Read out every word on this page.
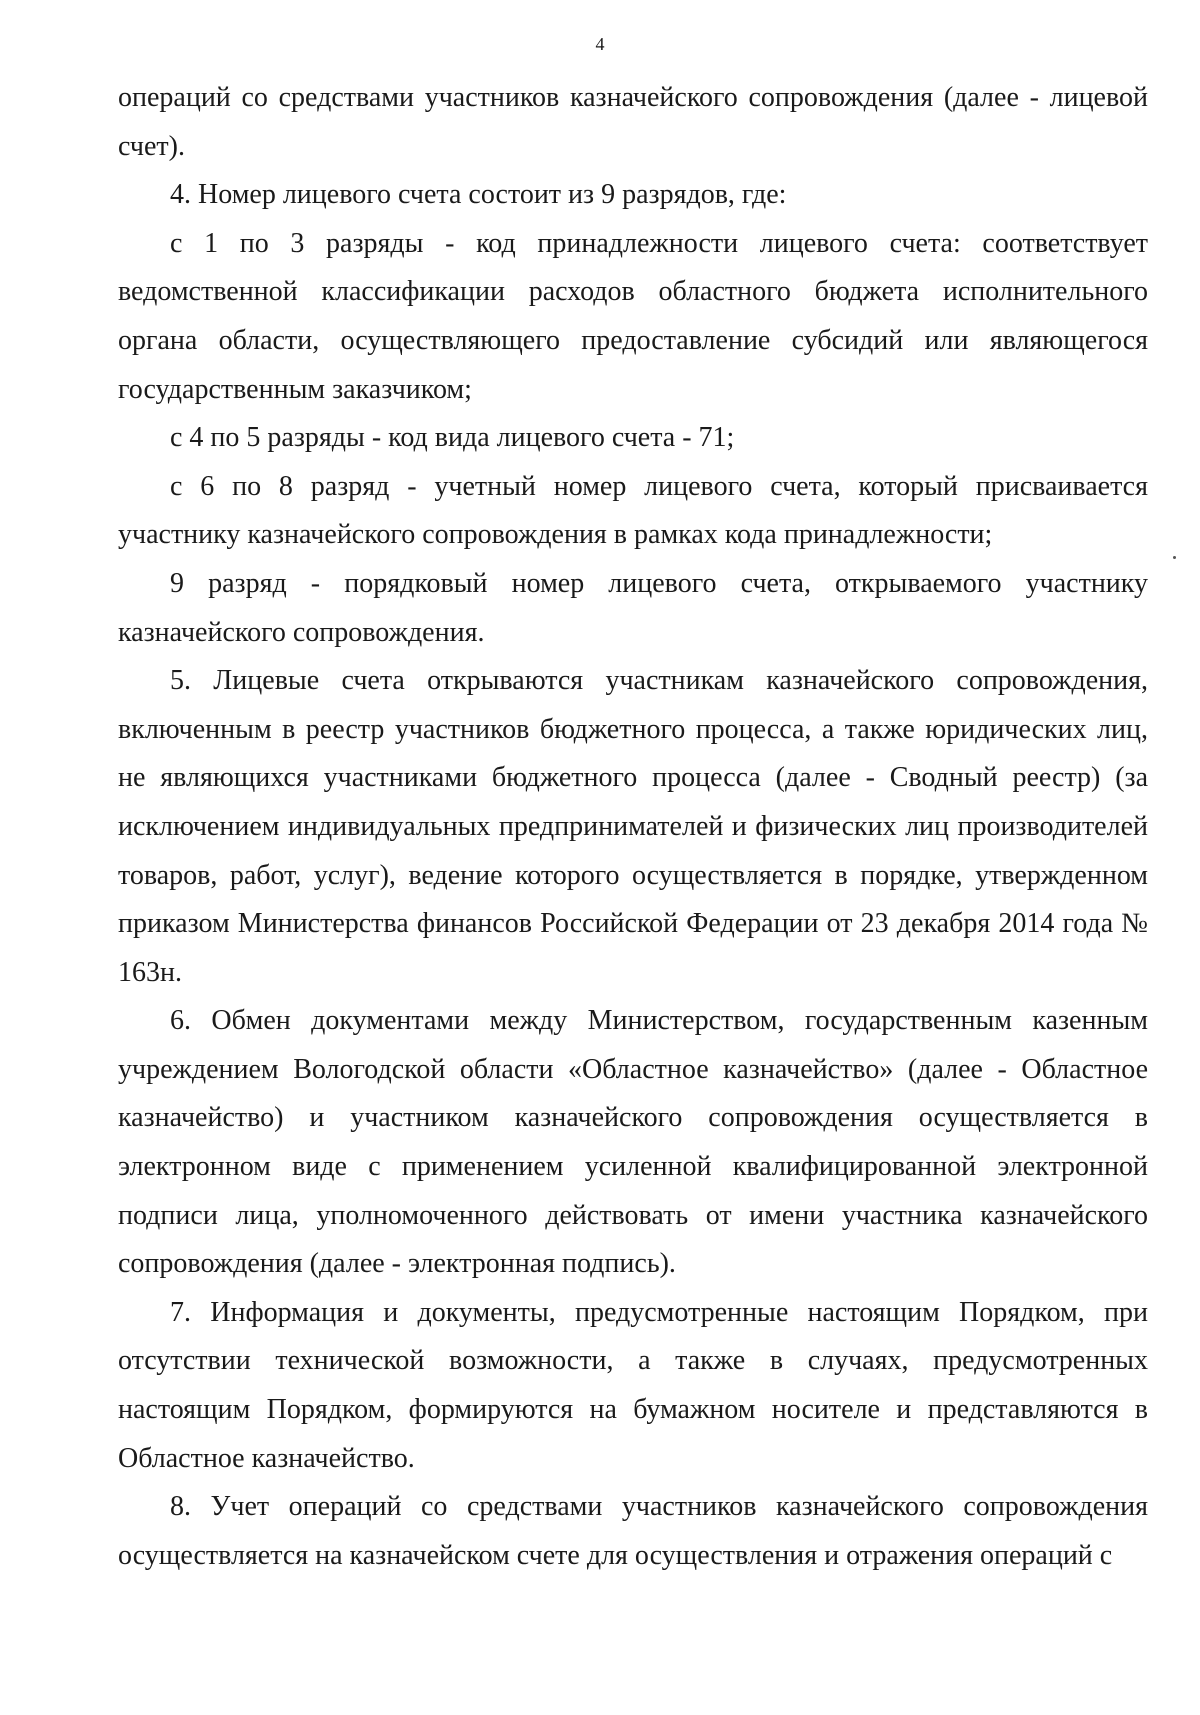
4

операций со средствами участников казначейского сопровождения (далее - лицевой счет).

4. Номер лицевого счета состоит из 9 разрядов, где:

с 1 по 3 разряды - код принадлежности лицевого счета: соответствует ведомственной классификации расходов областного бюджета исполнительного органа области, осуществляющего предоставление субсидий или являющегося государственным заказчиком;

с 4 по 5 разряды - код вида лицевого счета - 71;

с 6 по 8 разряд - учетный номер лицевого счета, который присваивается участнику казначейского сопровождения в рамках кода принадлежности;

9 разряд - порядковый номер лицевого счета, открываемого участнику казначейского сопровождения.

5. Лицевые счета открываются участникам казначейского сопровождения, включенным в реестр участников бюджетного процесса, а также юридических лиц, не являющихся участниками бюджетного процесса (далее - Сводный реестр) (за исключением индивидуальных предпринимателей и физических лиц производителей товаров, работ, услуг), ведение которого осуществляется в порядке, утвержденном приказом Министерства финансов Российской Федерации от 23 декабря 2014 года № 163н.

6. Обмен документами между Министерством, государственным казенным учреждением Вологодской области «Областное казначейство» (далее - Областное казначейство) и участником казначейского сопровождения осуществляется в электронном виде с применением усиленной квалифицированной электронной подписи лица, уполномоченного действовать от имени участника казначейского сопровождения (далее - электронная подпись).

7. Информация и документы, предусмотренные настоящим Порядком, при отсутствии технической возможности, а также в случаях, предусмотренных настоящим Порядком, формируются на бумажном носителе и представляются в Областное казначейство.

8. Учет операций со средствами участников казначейского сопровождения осуществляется на казначейском счете для осуществления и отражения операций с
